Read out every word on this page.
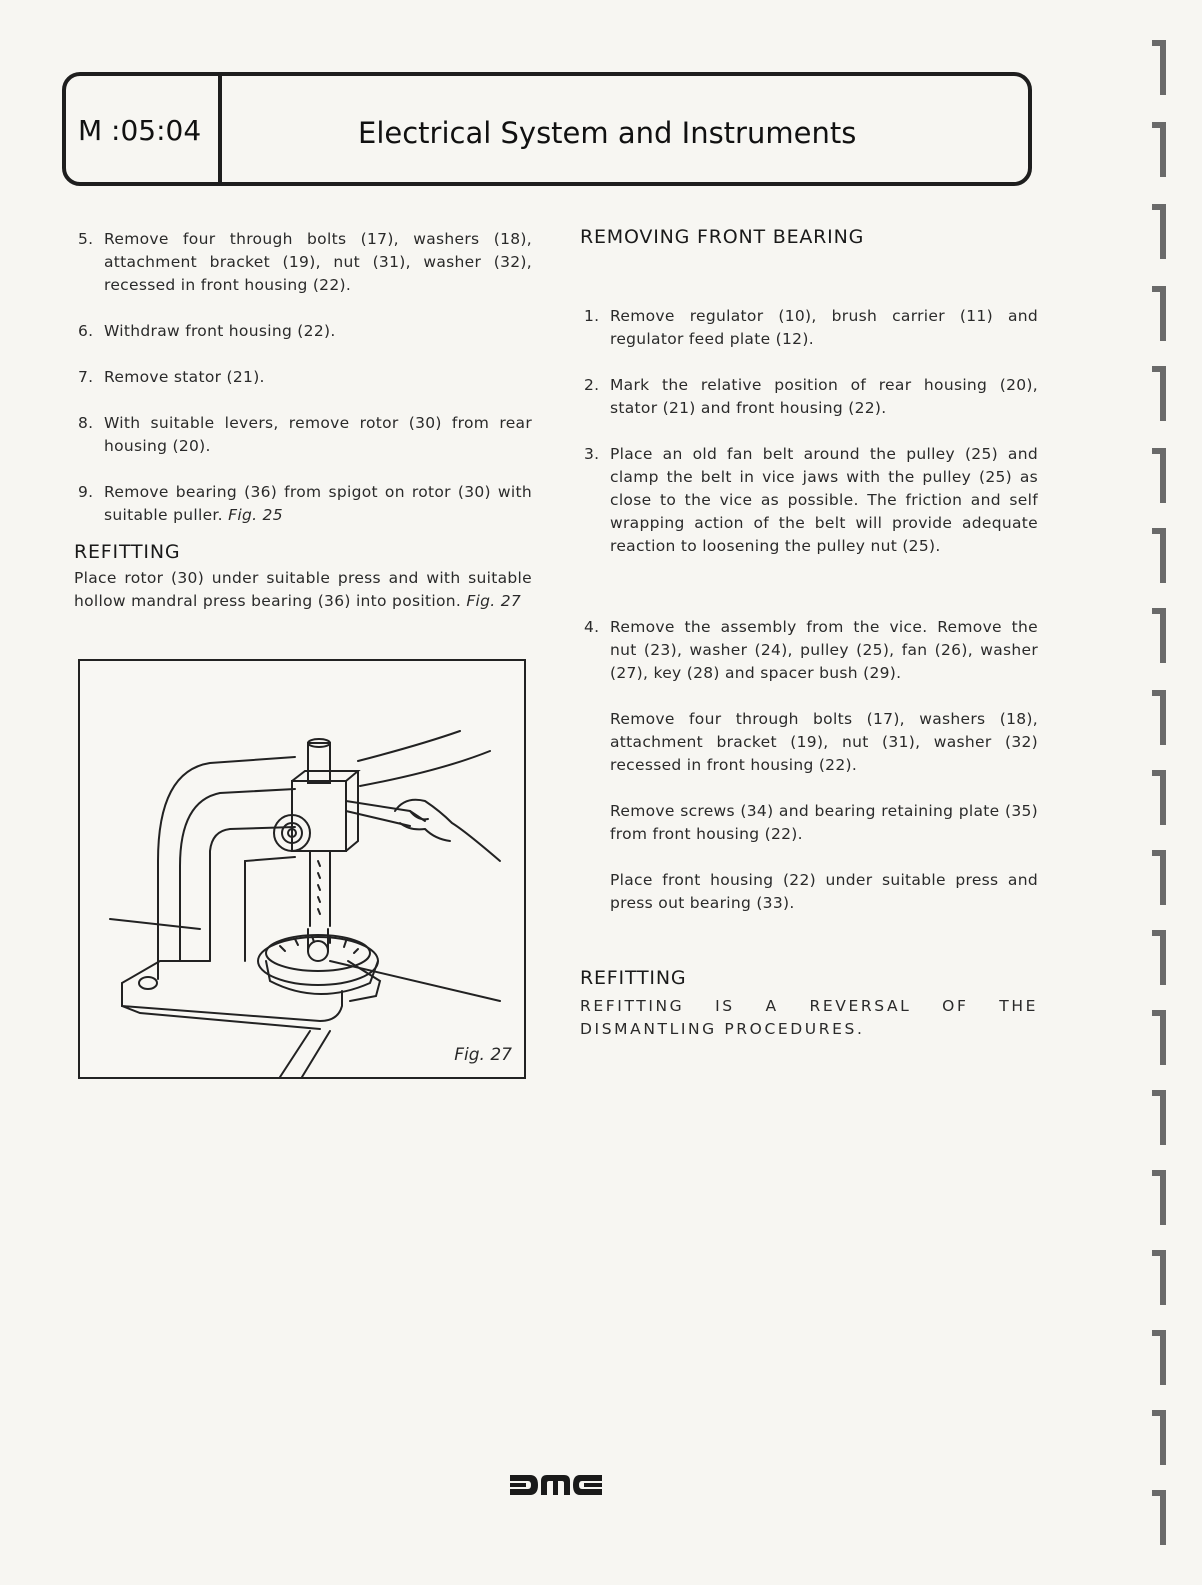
M :05:04	Electrical System and Instruments
5. Remove four through bolts (17), washers (18), attachment bracket (19), nut (31), washer (32), recessed in front housing (22).
6. Withdraw front housing (22).
7. Remove stator (21).
8. With suitable levers, remove rotor (30) from rear housing (20).
9. Remove bearing (36) from spigot on rotor (30) with suitable puller. Fig. 25
REFITTING
Place rotor (30) under suitable press and with suitable hollow mandral press bearing (36) into position. Fig. 27
Fig. 27
REMOVING FRONT BEARING
1. Remove regulator (10), brush carrier (11) and regulator feed plate (12).
2. Mark the relative position of rear housing (20), stator (21) and front housing (22).
3. Place an old fan belt around the pulley (25) and clamp the belt in vice jaws with the pulley (25) as close to the vice as possible. The friction and self wrapping action of the belt will provide adequate reaction to loosening the pulley nut (25).
4. Remove the assembly from the vice. Remove the nut (23), washer (24), pulley (25), fan (26), washer (27), key (28) and spacer bush (29).
Remove four through bolts (17), washers (18), attachment bracket (19), nut (31), washer (32) recessed in front housing (22).
Remove screws (34) and bearing retaining plate (35) from front housing (22).
Place front housing (22) under suitable press and press out bearing (33).
REFITTING
REFITTING IS A REVERSAL OF THE DISMANTLING PROCEDURES.
